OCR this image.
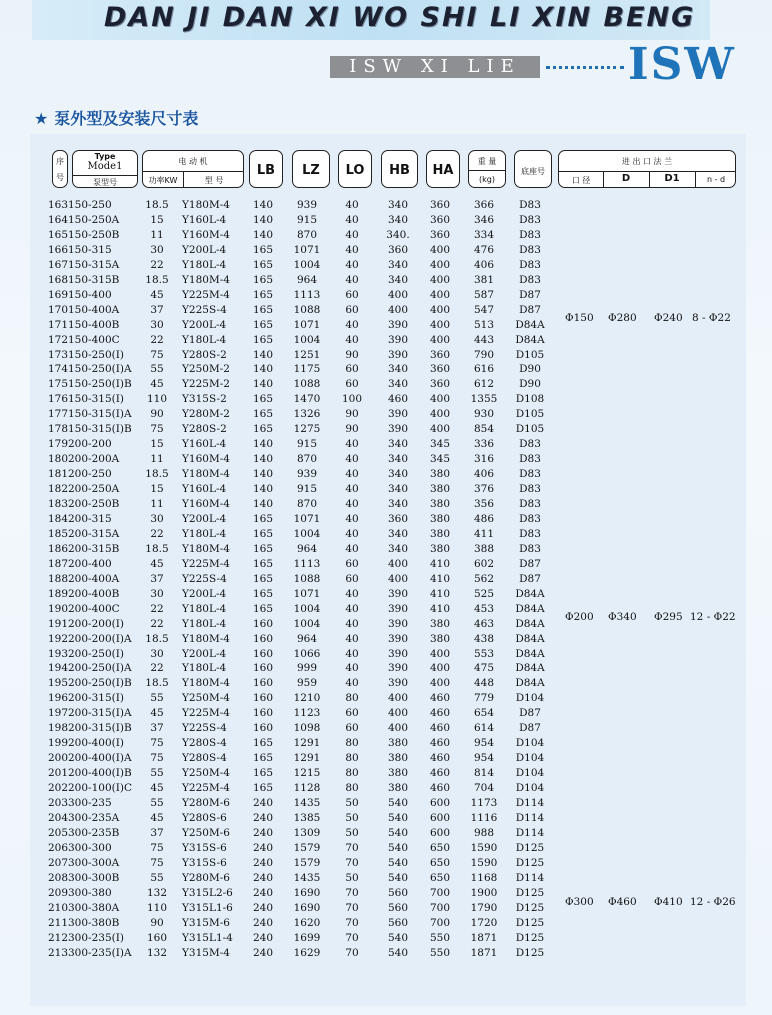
DAN JI DAN XI WO SHI LI XIN BENG
ISW XI LIE	ISW
★ 泵外型及安装尺寸表
序
号
Type
Mode1
泵型号
电 动 机
功率KW	型 号
LB	LZ	LO	HB	HA
重 量
(kg)
底座号
进 出 口 法 兰
口 径	D	D1	n - d
163 150-250	18.5 Y180M-4	140	939	40	340	360	366	D83
164 150-250A	15	Y160L-4	140	915	40	340	360	346	D83
165 150-250B	11	Y160M-4	140	870	40	340.	360	334	D83
166 150-315	30	Y200L-4	165 1071	40	360	400	476	D83
167 150-315A	22	Y180L-4	165 1004	40	340	400	406	D83
168 150-315B	18.5 Y180M-4	165	964	40	340	400	381	D83
169 150-400	45	Y225M-4	165 1113	60	400	400	587	D87
170 150-400A	37	Y225S-4	165 1088	60	400	400	547	D87
171 150-400B	30	Y200L-4	165 1071	40	390	400	513	D84A
172 150-400C	22	Y180L-4	165 1004	40	390	400	443	D84A
173 150-250(I)	75	Y280S-2	140 1251	90	390	360	790	D105
174 150-250(I)A	55	Y250M-2	140 1175	60	340	360	616	D90
175 150-250(I)B	45	Y225M-2	140 1088	60	340	360	612	D90
176 150-315(I)	110	Y315S-2	165 1470	100	460	400	1355	D108
177 150-315(I)A	90	Y280M-2	165 1326	90	390	400	930	D105
178 150-315(I)B	75	Y280S-2	165 1275	90	390	400	854	D105
179 200-200	15	Y160L-4	140	915	40	340	345	336	D83
180 200-200A	11	Y160M-4	140	870	40	340	345	316	D83
181 200-250	18.5 Y180M-4	140	939	40	340	380	406	D83
182 200-250A	15	Y160L-4	140	915	40	340	380	376	D83
183 200-250B	11	Y160M-4	140	870	40	340	380	356	D83
184 200-315	30	Y200L-4	165 1071	40	360	380	486	D83
185 200-315A	22	Y180L-4	165 1004	40	340	380	411	D83
186 200-315B	18.5 Y180M-4	165	964	40	340	380	388	D83
187 200-400	45	Y225M-4	165 1113	60	400	410	602	D87
188 200-400A	37	Y225S-4	165 1088	60	400	410	562	D87
189 200-400B	30	Y200L-4	165 1071	40	390	410	525	D84A
190 200-400C	22	Y180L-4	165 1004	40	390	410	453	D84A
191 200-200(I)	22	Y180L-4	160 1004	40	390	380	463	D84A
192 200-200(I)A	18.5 Y180M-4	160	964	40	390	380	438	D84A
193 200-250(I)	30	Y200L-4	160 1066	40	390	400	553	D84A
194 200-250(I)A	22	Y180L-4	160	999	40	390	400	475	D84A
195 200-250(I)B	18.5 Y180M-4	160	959	40	390	400	448	D84A
196 200-315(I)	55	Y250M-4	160 1210	80	400	460	779	D104
197 200-315(I)A	45	Y225M-4	160 1123	60	400	460	654	D87
198 200-315(I)B	37	Y225S-4	160 1098	60	400	460	614	D87
199 200-400(I)	75	Y280S-4	165 1291	80	380	460	954	D104
200 200-400(I)A	75	Y280S-4	165 1291	80	380	460	954	D104
201 200-400(I)B	55	Y250M-4	165 1215	80	380	460	814	D104
202 200-100(I)C	45	Y225M-4	165 1128	80	380	460	704	D104
203 300-235	55	Y280M-6	240 1435	50	540	600	1173	D114
204 300-235A	45	Y280S-6	240 1385	50	540	600	1116	D114
205 300-235B	37	Y250M-6	240 1309	50	540	600	988	D114
206 300-300	75	Y315S-6	240 1579	70	540	650	1590	D125
207 300-300A	75	Y315S-6	240 1579	70	540	650	1590	D125
208 300-300B	55	Y280M-6	240 1435	50	540	650	1168	D114
209 300-380	132	Y315L2-6	240 1690	70	560	700	1900	D125
210 300-380A	110	Y315L1-6	240 1690	70	560	700	1790	D125
211 300-380B	90	Y315M-6	240 1620	70	560	700	1720	D125
212 300-235(I)	160	Y315L1-4	240 1699	70	540	550	1871	D125
213 300-235(I)A	132	Y315M-4	240 1629	70	540	550	1871	D125
Φ150 Φ280 Φ240 8 - Φ22
Φ200 Φ340 Φ295 12 - Φ22
Φ300 Φ460 Φ410 12 - Φ26
